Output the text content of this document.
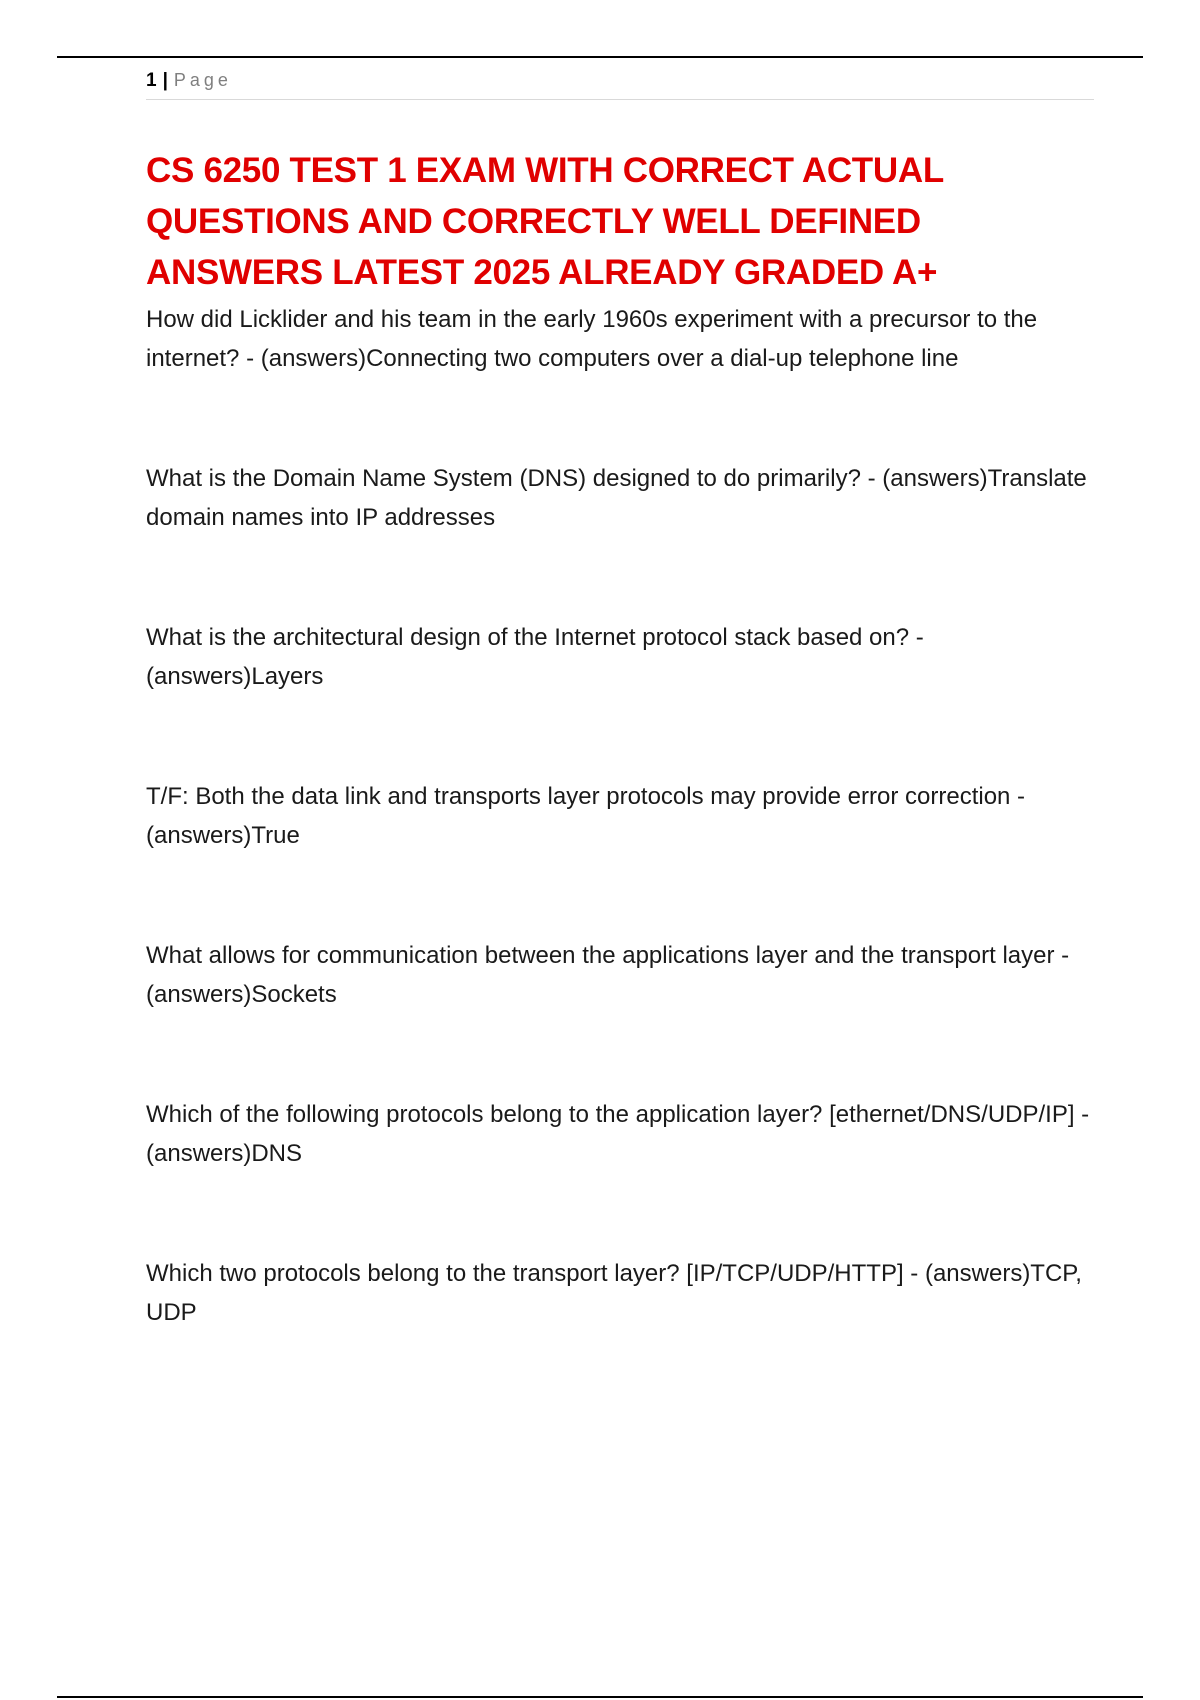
1 | Page
CS 6250 TEST 1 EXAM WITH CORRECT ACTUAL QUESTIONS AND CORRECTLY WELL DEFINED ANSWERS LATEST 2025 ALREADY GRADED A+
How did Licklider and his team in the early 1960s experiment with a precursor to the internet? - (answers)Connecting two computers over a dial-up telephone line
What is the Domain Name System (DNS) designed to do primarily? - (answers)Translate domain names into IP addresses
What is the architectural design of the Internet protocol stack based on? - (answers)Layers
T/F: Both the data link and transports layer protocols may provide error correction - (answers)True
What allows for communication between the applications layer and the transport layer - (answers)Sockets
Which of the following protocols belong to the application layer? [ethernet/DNS/UDP/IP] - (answers)DNS
Which two protocols belong to the transport layer? [IP/TCP/UDP/HTTP] - (answers)TCP, UDP
